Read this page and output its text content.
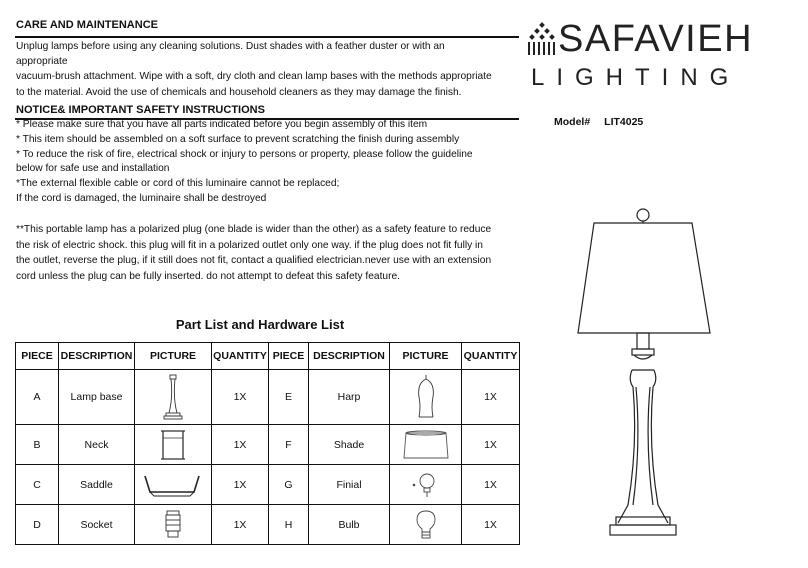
CARE AND MAINTENANCE
Unplug lamps before using any cleaning solutions. Dust shades with a feather duster or with an
appropriate
vacuum-brush attachment. Wipe with a soft, dry cloth and clean lamp bases with the methods appropriate
to the material. Avoid the use of chemicals and household cleaners as they may damage the finish.
NOTICE& IMPORTANT SAFETY INSTRUCTIONS
* Please make sure that you have all parts indicated before you begin assembly of this item
* This item should be assembled on a soft surface to prevent scratching the finish during assembly
* To reduce the risk of fire, electrical shock or injury to persons or property, please follow the guideline
below for safe use and installation
*The external flexible cable or cord of this luminaire cannot be replaced;
If the cord is damaged, the luminaire shall be destroyed
**This portable lamp has a polarized plug (one blade is wider than the other) as a safety feature to reduce
the risk of electric shock. this plug will fit in a polarized outlet only one way. if the plug does not fit fully in
the outlet, reverse the plug, if it still does not fit, contact a qualified electrician.never use with an extension
cord unless the plug can be fully inserted. do not attempt to defeat this safety feature.
SAFAVIEH
LIGHTING
Model# LIT4025
Part List and Hardware List
PIECE	DESCRIPTION	PICTURE	QUANTITY	PIECE	DESCRIPTION	PICTURE	QUANTITY
A	Lamp base		1X	E	Harp		1X
B	Neck		1X	F	Shade		1X
C	Saddle		1X	G	Finial		1X
D	Socket		1X	H	Bulb		1X
